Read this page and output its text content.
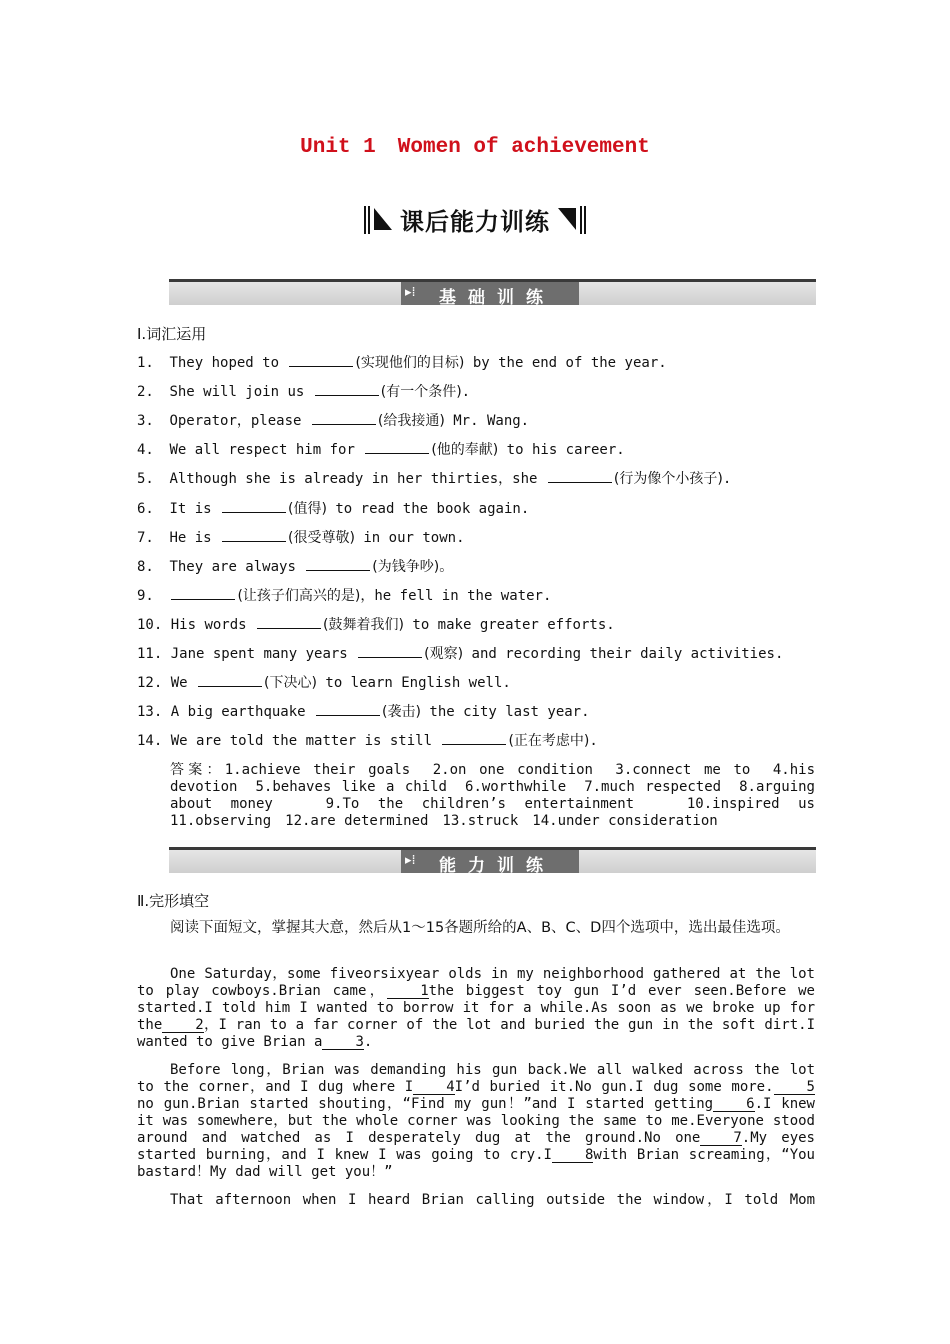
Unit 1 Women of achievement
课后能力训练
▸⁞ 基础训练
Ⅰ.词汇运用
1. They hoped to	(实现他们的目标) by the end of the year.
2. She will join us	(有一个条件).
3. Operator，please	(给我接通) Mr. Wang.
4. We all respect him for	(他的奉献) to his career.
5. Although she is already in her thirties，she	(行为像个小孩子).
6. It is	(值得) to read the book again.
7. He is	(很受尊敬) in our town.
8. They are always	(为钱争吵)。
9.	(让孩子们高兴的是)，he fell in the water.
10. His words	(鼓舞着我们) to make greater efforts.
11. Jane spent many years	(观察) and recording their daily activities.
12. We	(下决心) to learn English well.
13. A big earthquake	(袭击) the city last year.
14. We are told the matter is still	(正在考虑中).
答案：1.achieve their goals　2.on one condition　3.connect me to　4.his
devotion　5.behaves like a child　6.worthwhile　7.much respected　8.arguing
about money　 9.To the children’s entertainment　 10.inspired us
11.observing　12.are determined　13.struck　14.under consideration
▸⁞ 能力训练
Ⅱ.完形填空
阅读下面短文，掌握其大意，然后从1～15各题所给的A、B、C、D四个选项中，选出最佳选项。
One Saturday，some fiveorsixyear olds in my neighborhood gathered at the lot to play cowboys.Brian came， 1the biggest toy gun I’d ever seen.Before we started.I told him I wanted to borrow it for a while.As soon as we broke up for the 2，I ran to a far corner of the lot and buried the gun in the soft dirt.I wanted to give Brian a 3.
Before long，Brian was demanding his gun back.We all walked across the lot to the corner，and I dug where I 4I’d buried it.No gun.I dug some more. 5no gun.Brian started shouting，“Find my gun！”and I started getting 6.I knew it was somewhere，but the whole corner was looking the same to me.Everyone stood around and watched as I desperately dug at the ground.No one 7.My eyes started burning，and I knew I was going to cry.I 8with Brian screaming，“You bastard！My dad will get you！”
That afternoon when I heard Brian calling outside the window，I told Mom
